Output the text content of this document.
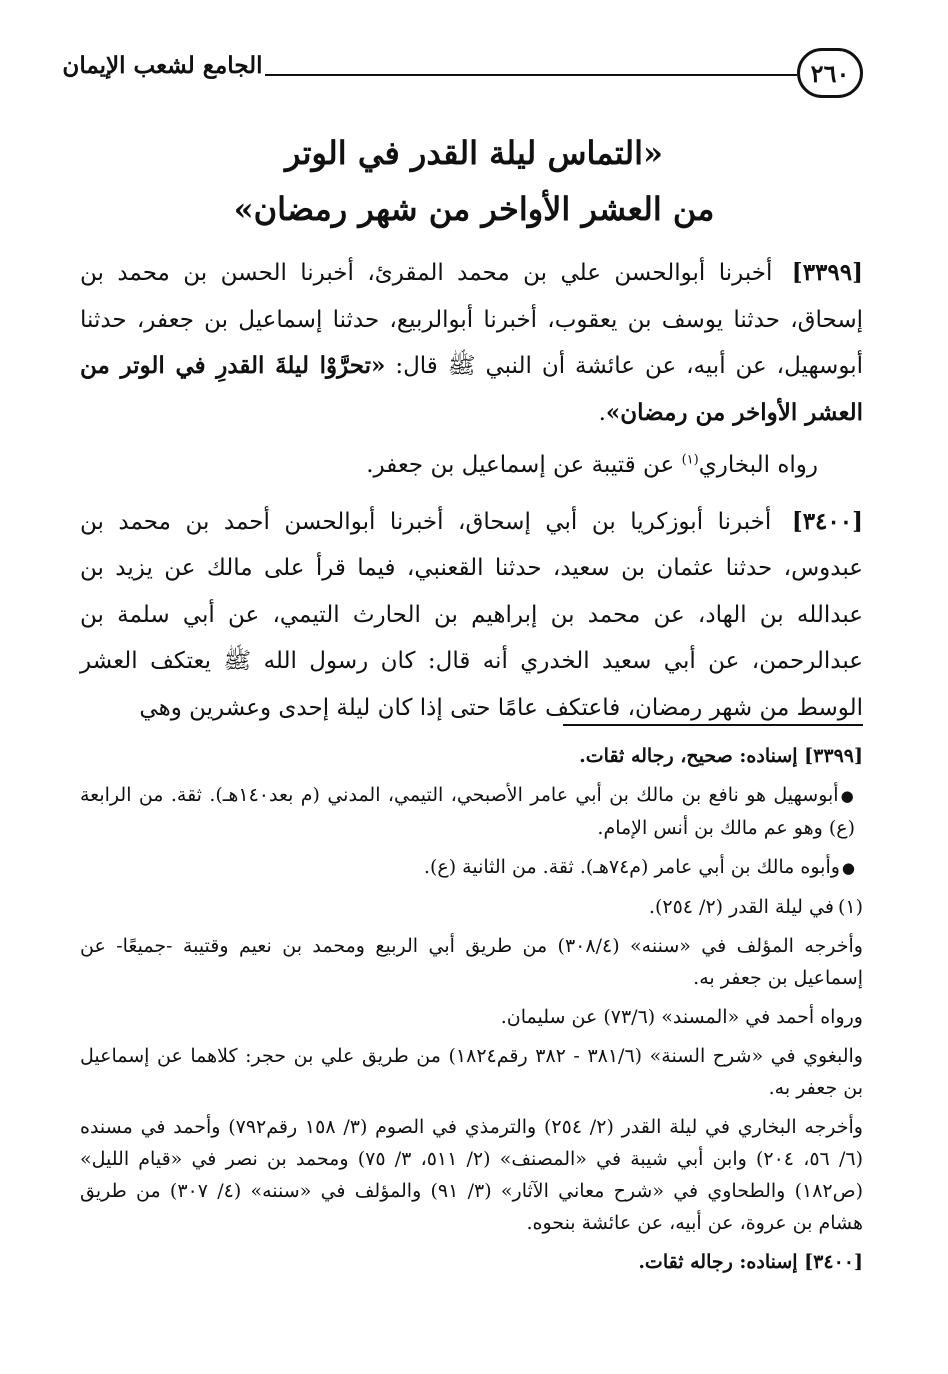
٢٦٠
الجامع لشعب الإيمان
«التماس ليلة القدر في الوتر
من العشر الأواخر من شهر رمضان»

[٣٣٩٩] أخبرنا أبوالحسن علي بن محمد المقرئ، أخبرنا الحسن بن محمد بن إسحاق، حدثنا يوسف بن يعقوب، أخبرنا أبوالربيع، حدثنا إسماعيل بن جعفر، حدثنا أبوسهيل، عن أبيه، عن عائشة أن النبي ﷺ قال: «تحرَّوْا ليلةَ القدرِ في الوتر من العشر الأواخر من رمضان».

رواه البخاري$^{(١)}$ عن قتيبة عن إسماعيل بن جعفر.

[٣٤٠٠] أخبرنا أبوزكريا بن أبي إسحاق، أخبرنا أبوالحسن أحمد بن محمد بن عبدوس، حدثنا عثمان بن سعيد، حدثنا القعنبي، فيما قرأ على مالك عن يزيد بن عبدالله بن الهاد، عن محمد بن إبراهيم بن الحارث التيمي، عن أبي سلمة بن عبدالرحمن، عن أبي سعيد الخدري أنه قال: كان رسول الله ﷺ يعتكف العشر الوسط من شهر رمضان، فاعتكف عامًا حتى إذا كان ليلة إحدى وعشرين وهي

[٣٣٩٩] إسناده: صحيح، رجاله ثقات.

●أبوسهيل هو نافع بن مالك بن أبي عامر الأصبحي، التيمي، المدني (م بعد١٤٠هـ). ثقة. من الرابعة (ع) وهو عم مالك بن أنس الإمام.

●وأبوه مالك بن أبي عامر (م٧٤هـ). ثقة. من الثانية (ع).

(١)في ليلة القدر (٢/ ٢٥٤).

وأخرجه المؤلف في «سننه» (٣٠٨/٤) من طريق أبي الربيع ومحمد بن نعيم وقتيبة -جميعًا- عن إسماعيل بن جعفر به.

ورواه أحمد في «المسند» (٧٣/٦) عن سليمان.

والبغوي في «شرح السنة» (٣٨١/٦ - ٣٨٢ رقم١٨٢٤) من طريق علي بن حجر: كلاهما عن إسماعيل بن جعفر به.

وأخرجه البخاري في ليلة القدر (٢/ ٢٥٤) والترمذي في الصوم (٣/ ١٥٨ رقم٧٩٢) وأحمد في مسنده (٦/ ٥٦، ٢٠٤) وابن أبي شيبة في «المصنف» (٢/ ٥١١، ٣/ ٧٥) ومحمد بن نصر في «قيام الليل» (ص١٨٢) والطحاوي في «شرح معاني الآثار» (٣/ ٩١) والمؤلف في «سننه» (٤/ ٣٠٧) من طريق هشام بن عروة، عن أبيه، عن عائشة بنحوه.

[٣٤٠٠] إسناده: رجاله ثقات.
